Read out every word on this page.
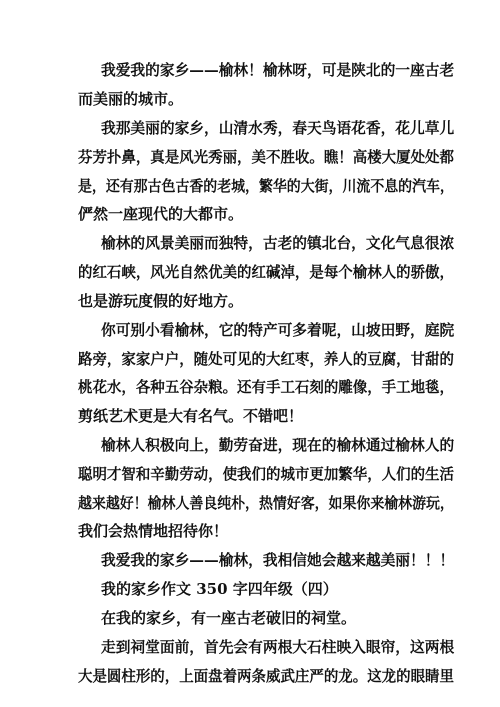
我爱我的家乡——榆林！榆林呀，可是陕北的一座古老
而美丽的城市。
我那美丽的家乡，山清水秀，春天鸟语花香，花儿草儿
芬芳扑鼻，真是风光秀丽，美不胜收。瞧！高楼大厦处处都
是，还有那古色古香的老城，繁华的大街，川流不息的汽车，
俨然一座现代的大都市。
榆林的风景美丽而独特，古老的镇北台，文化气息很浓
的红石峡，风光自然优美的红碱淖，是每个榆林人的骄傲，
也是游玩度假的好地方。
你可别小看榆林，它的特产可多着呢，山坡田野，庭院
路旁，家家户户，随处可见的大红枣，养人的豆腐，甘甜的
桃花水，各种五谷杂粮。还有手工石刻的雕像，手工地毯，
剪纸艺术更是大有名气。不错吧！
榆林人积极向上，勤劳奋进，现在的榆林通过榆林人的
聪明才智和辛勤劳动，使我们的城市更加繁华，人们的生活
越来越好！榆林人善良纯朴，热情好客，如果你来榆林游玩，
我们会热情地招待你！
我爱我的家乡——榆林，我相信她会越来越美丽！！！
我的家乡作文 350 字四年级（四）
在我的家乡，有一座古老破旧的祠堂。
走到祠堂面前，首先会有两根大石柱映入眼帘，这两根
大是圆柱形的，上面盘着两条威武庄严的龙。这龙的眼睛里
